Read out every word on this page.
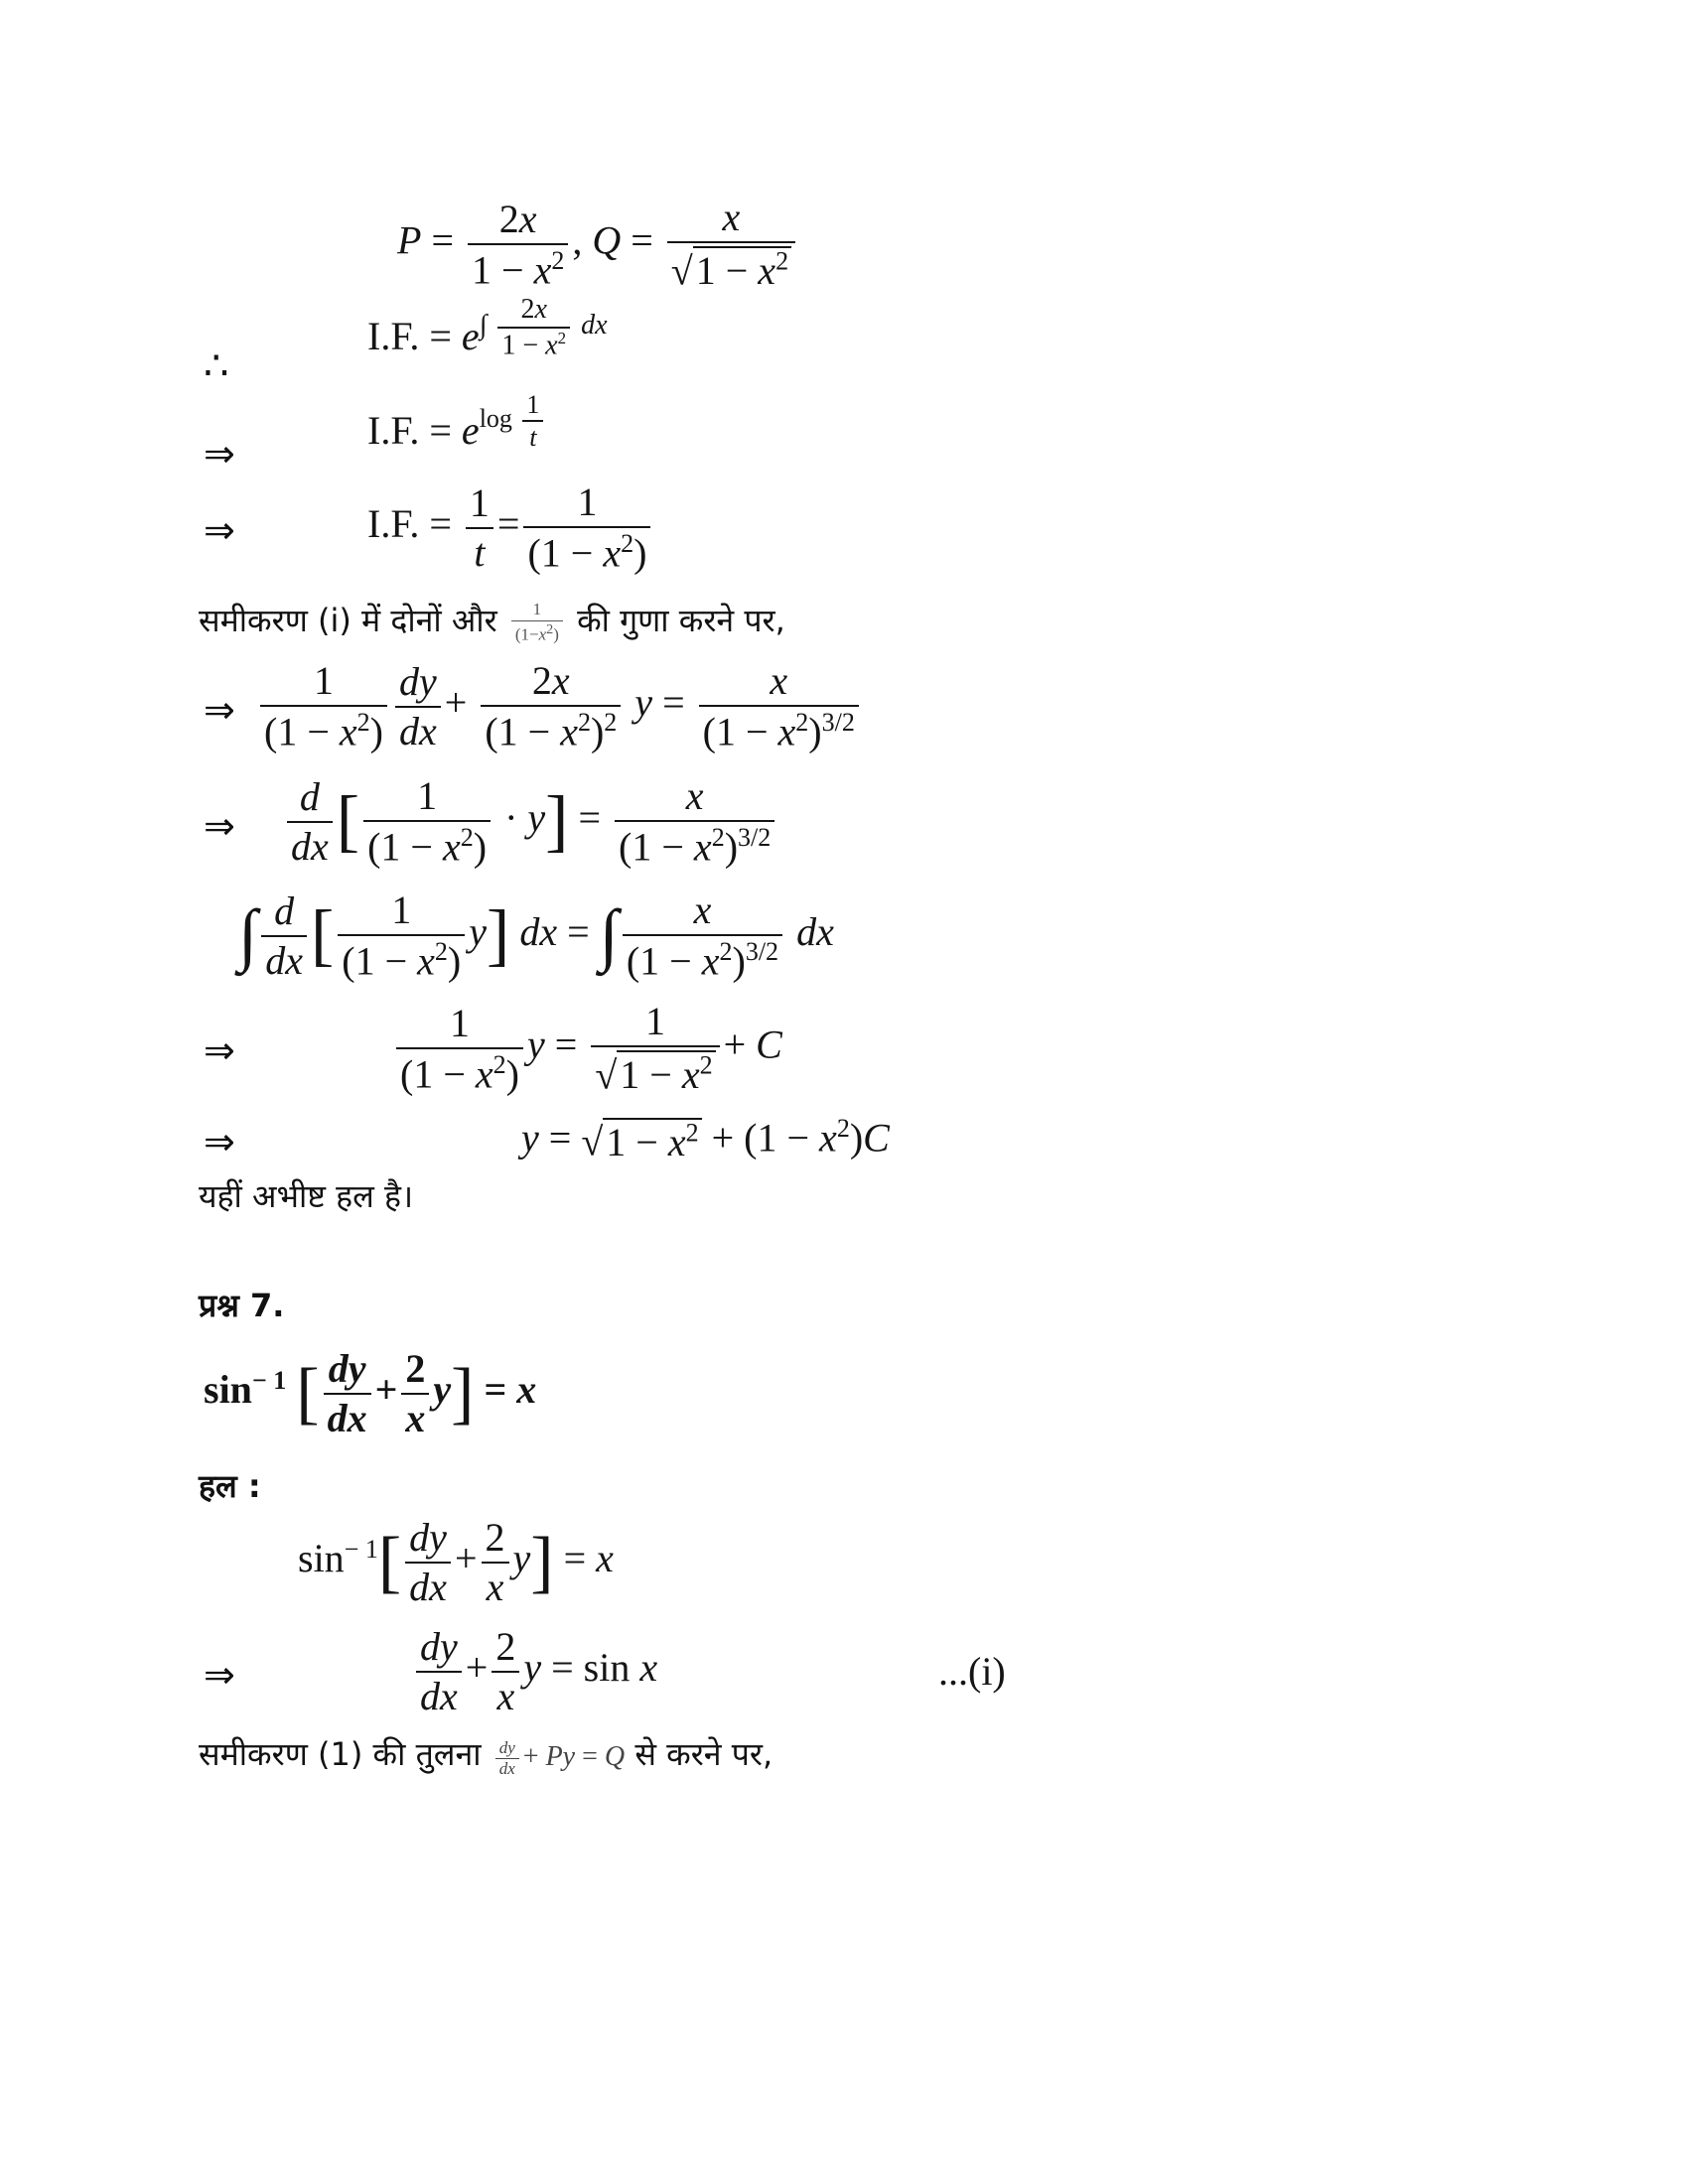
$P = \frac{2x}{1 - x^2}$ , $Q = \frac{x}{√1 - x^2}$
∴
I.F. = $e\int \frac{2x}{1 - x^2}$ dx
⇒
I.F. = elog $\frac{1}{t}$
⇒	I.F. = $\frac{1}{t} = \frac{1}{(1 - x^2)}$
समीकरण (i) में दोनों और $\frac{1}{(1-x^2)}$ की गुणा करने पर,
⇒ $\frac{1}{(1 - x^2)} \frac{dy}{dx} + \frac{2x}{(1 - x^2)^2}$ $y = \frac{x}{(1 - x^2)^{3/2}}$
⇒ $\frac{d}{dx}$ [ $\frac{1}{(1 - x^2)} \cdot y] = \frac{x}{(1 - x^2)^{3/2}}$
∫ $\frac{d}{dx}$ [ $\frac{1}{(1 - x^2)} y$] dx = ∫ $\frac{x}{(1 - x^2)^{3/2}}$ dx
⇒	$\frac{1}{(1 - x^2)}$ $y = \frac{1}{√1 - x^2} + C$
⇒	$y = √1 - x^2 + (1 - x^2)C$
यहीं अभीष्ट हल है।
प्रश्न 7.
$\sin^{- 1}$ [ $\frac{dy}{dx} + \frac{2}{x} y] = x$
हल :
$\sin^{- 1}[ \frac{dy}{dx} + \frac{2}{x} y] = x$
⇒	$\frac{dy}{dx} + \frac{2}{x}$ y = sin x	...(i)
समीकरण (1) की तुलना $\frac{dy}{dx} + Py = Q$ से करने पर,
